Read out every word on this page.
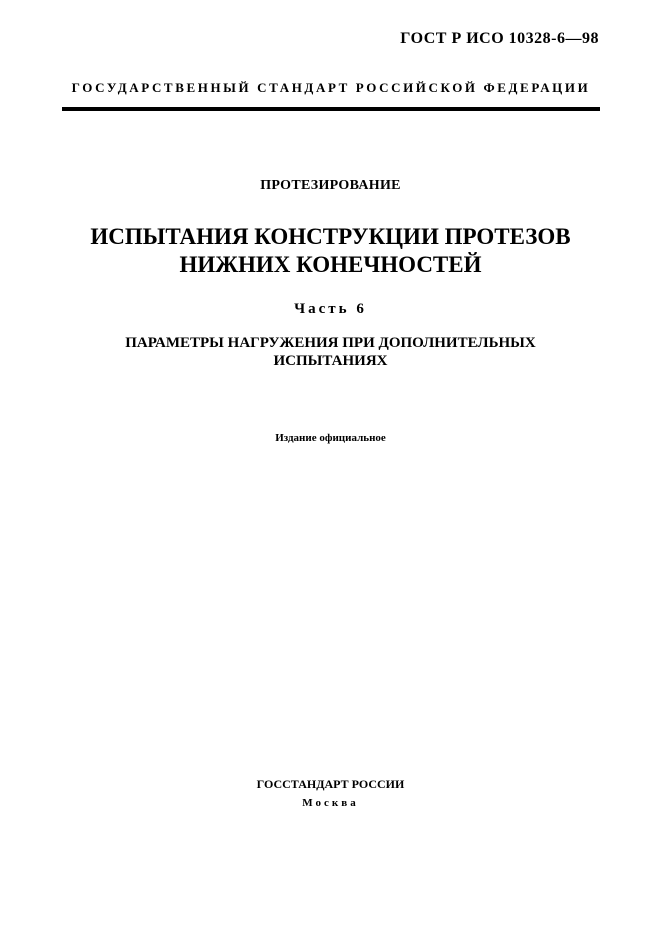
ГОСТ Р ИСО 10328-6—98
ГОСУДАРСТВЕННЫЙ СТАНДАРТ РОССИЙСКОЙ ФЕДЕРАЦИИ
ПРОТЕЗИРОВАНИЕ
ИСПЫТАНИЯ КОНСТРУКЦИИ ПРОТЕЗОВ
НИЖНИХ КОНЕЧНОСТЕЙ
Часть 6
ПАРАМЕТРЫ НАГРУЖЕНИЯ ПРИ ДОПОЛНИТЕЛЬНЫХ
ИСПЫТАНИЯХ
Издание официальное
ГОССТАНДАРТ РОССИИ
Москва
